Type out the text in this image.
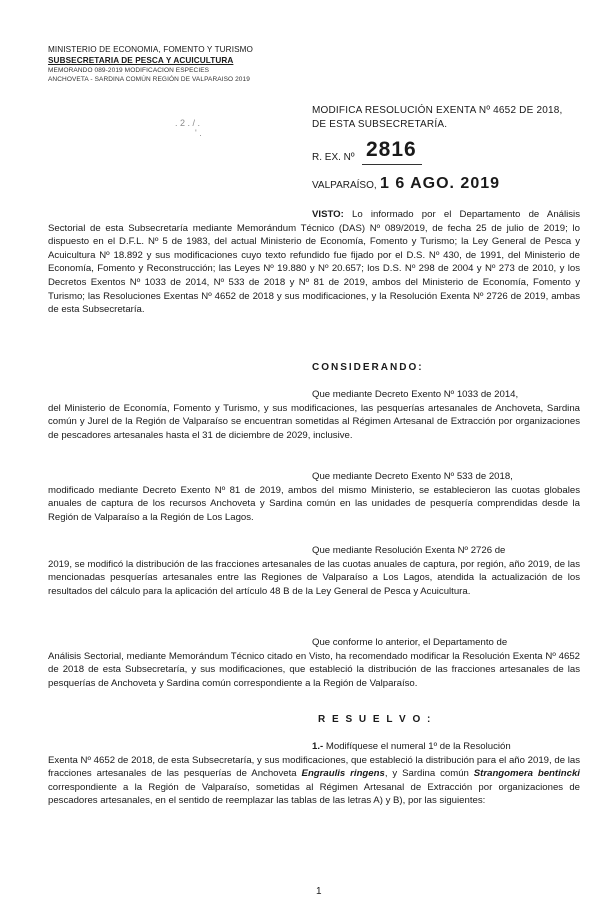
MINISTERIO DE ECONOMIA, FOMENTO Y TURISMO
SUBSECRETARIA DE PESCA Y ACUICULTURA
MEMORANDO 089-2019 MODIFICACION ESPECIES
ANCHOVETA - SARDINA COMÚN REGIÓN DE VALPARAISO 2019
. 2 . / .
' .
MODIFICA RESOLUCIÓN EXENTA Nº 4652 DE 2018,
DE ESTA SUBSECRETARÍA.
R. EX. Nº 2816
VALPARAÍSO, 1 6 AGO. 2019
VISTO: Lo informado por el Departamento de Análisis Sectorial de esta Subsecretaría mediante Memorándum Técnico (DAS) Nº 089/2019, de fecha 25 de julio de 2019; lo dispuesto en el D.F.L. Nº 5 de 1983, del actual Ministerio de Economía, Fomento y Turismo; la Ley General de Pesca y Acuicultura Nº 18.892 y sus modificaciones cuyo texto refundido fue fijado por el D.S. Nº 430, de 1991, del Ministerio de Economía, Fomento y Reconstrucción; las Leyes Nº 19.880 y Nº 20.657; los D.S. Nº 298 de 2004 y Nº 273 de 2010, y los Decretos Exentos Nº 1033 de 2014, Nº 533 de 2018 y Nº 81 de 2019, ambos del Ministerio de Economía, Fomento y Turismo; las Resoluciones Exentas Nº 4652 de 2018 y sus modificaciones, y la Resolución Exenta Nº 2726 de 2019, ambas de esta Subsecretaría.
CONSIDERANDO:
Que mediante Decreto Exento Nº 1033 de 2014,
del Ministerio de Economía, Fomento y Turismo, y sus modificaciones, las pesquerías artesanales de Anchoveta, Sardina común y Jurel de la Región de Valparaíso se encuentran sometidas al Régimen Artesanal de Extracción por organizaciones de pescadores artesanales hasta el 31 de diciembre de 2029, inclusive.
Que mediante Decreto Exento Nº 533 de 2018,
modificado mediante Decreto Exento Nº 81 de 2019, ambos del mismo Ministerio, se establecieron las cuotas globales anuales de captura de los recursos Anchoveta y Sardina común en las unidades de pesquería comprendidas desde la Región de Valparaíso a la Región de Los Lagos.
Que mediante Resolución Exenta Nº 2726 de
2019, se modificó la distribución de las fracciones artesanales de las cuotas anuales de captura, por región, año 2019, de las mencionadas pesquerías artesanales entre las Regiones de Valparaíso a Los Lagos, atendida la actualización de los resultados del cálculo para la aplicación del artículo 48 B de la Ley General de Pesca y Acuicultura.
Que conforme lo anterior, el Departamento de
Análisis Sectorial, mediante Memorándum Técnico citado en Visto, ha recomendado modificar la Resolución Exenta Nº 4652 de 2018 de esta Subsecretaría, y sus modificaciones, que estableció la distribución de las fracciones artesanales de las pesquerías de Anchoveta y Sardina común correspondiente a la Región de Valparaíso.
R E S U E L V O :
1.- Modifíquese el numeral 1º de la Resolución
Exenta Nº 4652 de 2018, de esta Subsecretaría, y sus modificaciones, que estableció la distribución para el año 2019, de las fracciones artesanales de las pesquerías de Anchoveta Engraulis ringens, y Sardina común Strangomera bentincki correspondiente a la Región de Valparaíso, sometidas al Régimen Artesanal de Extracción por organizaciones de pescadores artesanales, en el sentido de reemplazar las tablas de las letras A) y B), por las siguientes:
1
